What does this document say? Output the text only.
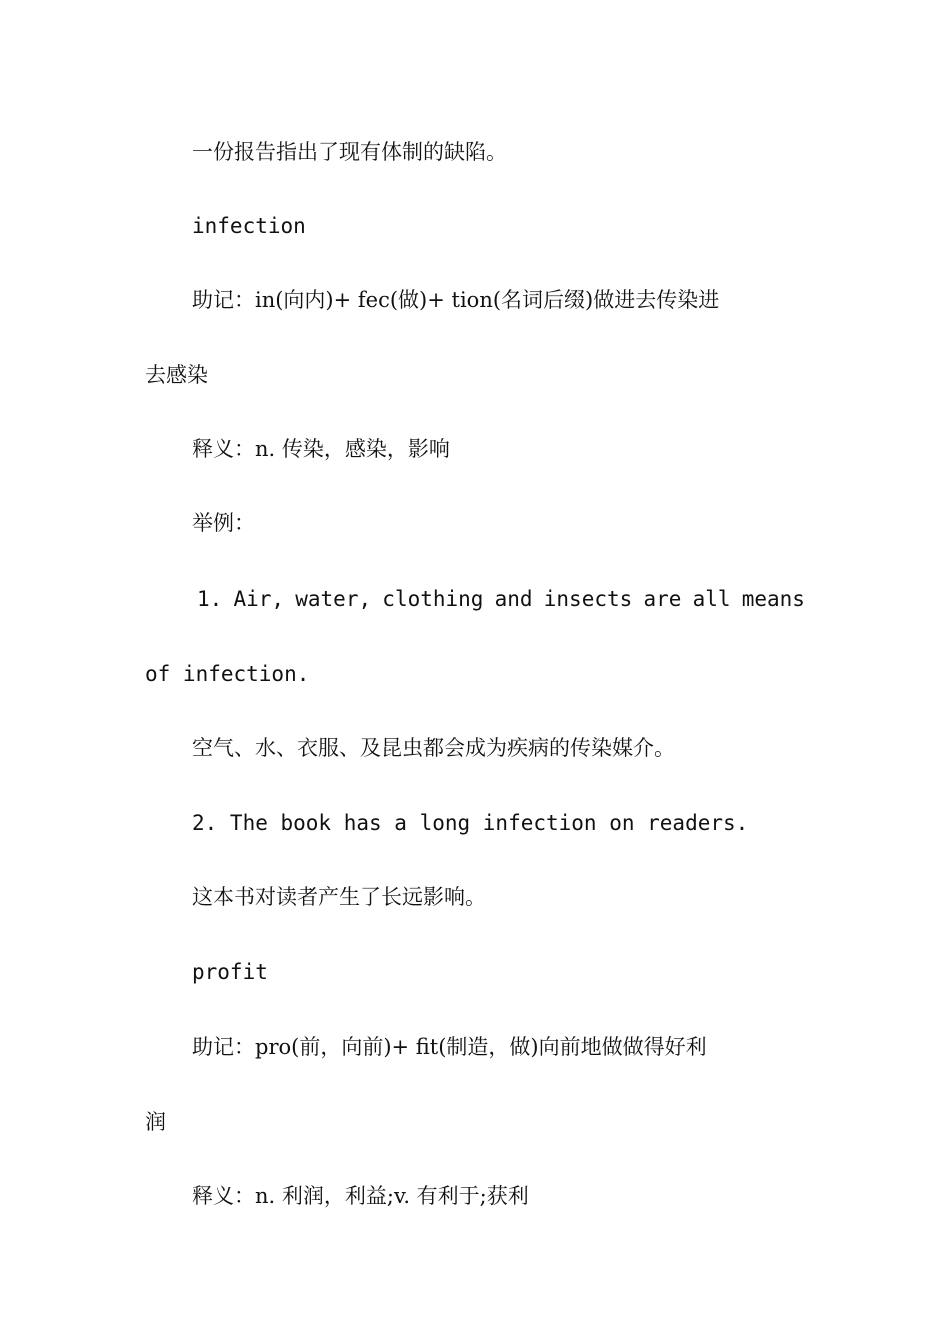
一份报告指出了现有体制的缺陷。

infection

助记：in(向内)+ fec(做)+ tion(名词后缀)做进去传染进

去感染

释义：n. 传染，感染，影响

举例：

1. Air, water, clothing and insects are all means

of infection.

空气、水、衣服、及昆虫都会成为疾病的传染媒介。

2. The book has a long infection on readers.

这本书对读者产生了长远影响。

profit

助记：pro(前，向前)+ fit(制造，做)向前地做做得好利

润

释义：n. 利润，利益;v. 有利于;获利
